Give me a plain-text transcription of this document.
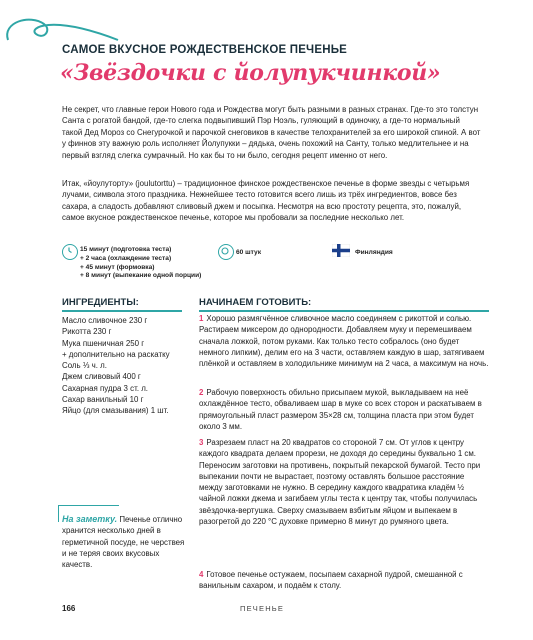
САМОЕ ВКУСНОЕ РОЖДЕСТВЕНСКОЕ ПЕЧЕНЬЕ
«Звёздочки с йолупукчинкой»
Не секрет, что главные герои Нового года и Рождества могут быть разными в разных странах. Где-то это толстун Санта с рогатой бандой, где-то слегка подвыпивший Пэр Ноэль, гуляющий в одиночку, а где-то нормальный такой Дед Мороз со Снегурочкой и парочкой снеговиков в качестве телохранителей за его широкой спиной. А вот у финнов эту важную роль исполняет Йолупукки – дядька, очень похожий на Санту, только медлительнее и на первый взгляд слегка сумрачный. Но как бы то ни было, сегодня рецепт именно от него.
Итак, «йоулуторту» (joulutorttu) – традиционное финское рождественское печенье в форме звезды с четырьмя лучами, символа этого праздника. Нежнейшее тесто готовится всего лишь из трёх ингредиентов, вовсе без сахара, а сладость добавляют сливовый джем и посыпка. Несмотря на всю простоту рецепта, это, пожалуй, самое вкусное рождественское печенье, которое мы пробовали за последние несколько лет.
15 минут (подготовка теста)
+ 2 часа (охлаждение теста)
+ 45 минут (формовка)
+ 8 минут (выпекание одной порции)
60 штук	Финляндия
ИНГРЕДИЕНТЫ:
Масло сливочное 230 г
Рикотта 230 г
Мука пшеничная 250 г
+ дополнительно на раскатку
Соль ⅓ ч. л.
Джем сливовый 400 г
Сахарная пудра 3 ст. л.
Сахар ванильный 10 г
Яйцо (для смазывания) 1 шт.
НАЧИНАЕМ ГОТОВИТЬ:
1 Хорошо размягчённое сливочное масло соединяем с рикоттой и солью. Растираем миксером до однородности. Добавляем муку и перемешиваем сначала ложкой, потом руками. Как только тесто собралось (оно будет немного липким), делим его на 3 части, оставляем каждую в шар, затягиваем плёнкой и оставляем в холодильнике минимум на 2 часа, а максимум на ночь.
2 Рабочую поверхность обильно присыпаем мукой, выкладываем на неё охлаждённое тесто, обваливаем шар в муке со всех сторон и раскатываем в прямоугольный пласт размером 35×28 см, толщина пласта при этом будет около 3 мм.
3 Разрезаем пласт на 20 квадратов со стороной 7 см. От углов к центру каждого квадрата делаем прорези, не доходя до середины буквально 1 см. Переносим заготовки на противень, покрытый пекарской бумагой. Тесто при выпекании почти не вырастает, поэтому оставлять большое расстояние между заготовками не нужно. В середину каждого квадратика кладём ½ чайной ложки джема и загибаем углы теста к центру так, чтобы получилась звёздочка-вертушка. Сверху смазываем взбитым яйцом и выпекаем в разогретой до 220 °С духовке примерно 8 минут до румяного цвета.
4 Готовое печенье остужаем, посыпаем сахарной пудрой, смешанной с ванильным сахаром, и подаём к столу.
На заметку. Печенье отлично хранится несколько дней в герметичной посуде, не черствея и не теряя своих вкусовых качеств.
166	ПЕЧЕНЬЕ
